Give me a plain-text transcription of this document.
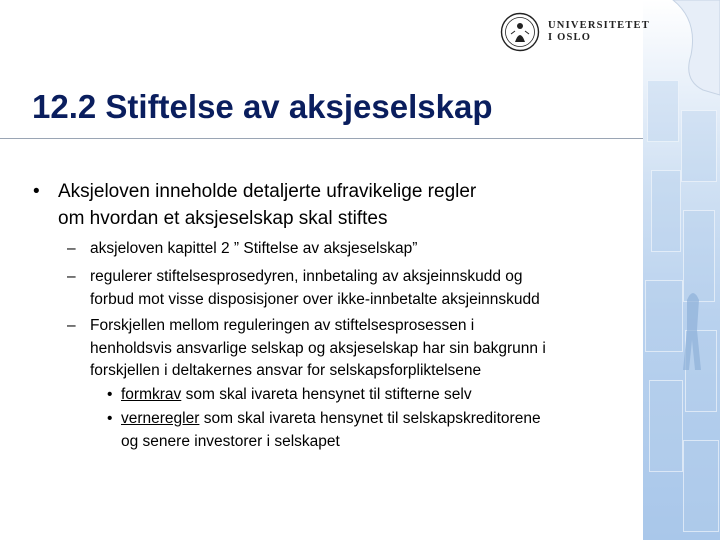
UNIVERSITETET
I OSLO
12.2 Stiftelse av aksjeselskap
• Aksjeloven inneholde detaljerte ufravikelige regler
om hvordan et aksjeselskap skal stiftes
– aksjeloven kapittel 2 ” Stiftelse av aksjeselskap”
– regulerer stiftelsesprosedyren, innbetaling av aksjeinnskudd og
forbud mot visse disposisjoner over ikke-innbetalte aksjeinnskudd
– Forskjellen mellom reguleringen av stiftelsesprosessen i
henholdsvis ansvarlige selskap og aksjeselskap har sin bakgrunn i
forskjellen i deltakernes ansvar for selskapsforpliktelsene
• formkrav som skal ivareta hensynet til stifterne selv
• verneregler som skal ivareta hensynet til selskapskreditorene
og senere investorer i selskapet
